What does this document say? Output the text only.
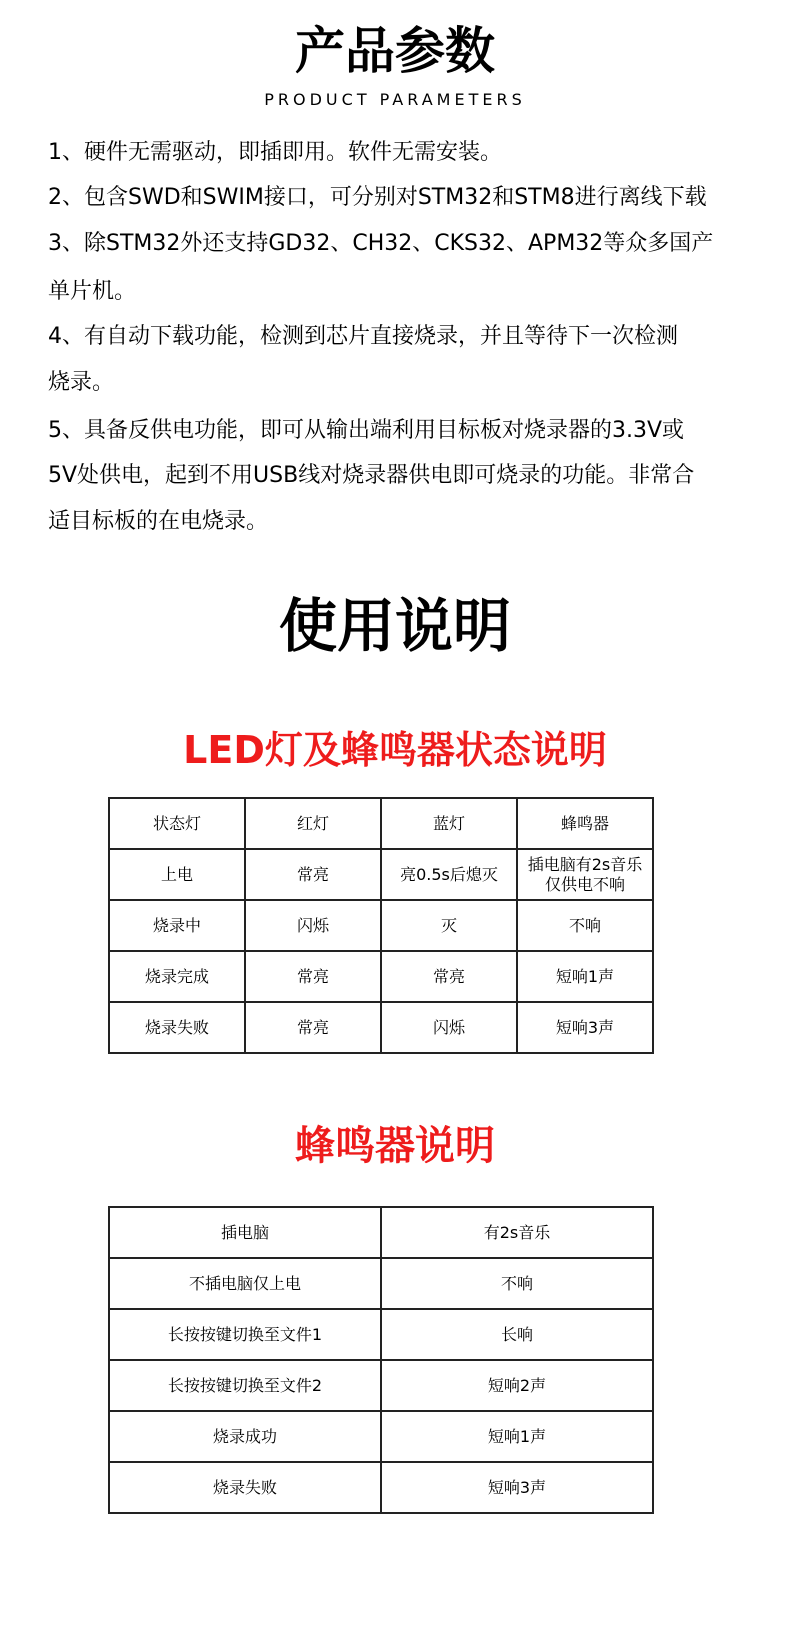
产品参数
PRODUCT PARAMETERS
1、硬件无需驱动，即插即用。软件无需安装。
2、包含SWD和SWIM接口，可分别对STM32和STM8进行离线下载
3、除STM32外还支持GD32、CH32、CKS32、APM32等众多国产
单片机。
4、有自动下载功能，检测到芯片直接烧录，并且等待下一次检测
烧录。
5、具备反供电功能，即可从输出端利用目标板对烧录器的3.3V或
5V处供电，起到不用USB线对烧录器供电即可烧录的功能。非常合
适目标板的在电烧录。
使用说明
LED灯及蜂鸣器状态说明
状态灯	红灯	蓝灯	蜂鸣器
上电	常亮	亮0.5s后熄灭	插电脑有2s音乐
仅供电不响

烧录中	闪烁	灭	不响
烧录完成	常亮	常亮	短响1声
烧录失败	常亮	闪烁	短响3声
蜂鸣器说明
插电脑	有2s音乐
不插电脑仅上电	不响
长按按键切换至文件1	长响
长按按键切换至文件2	短响2声
烧录成功	短响1声
烧录失败	短响3声
